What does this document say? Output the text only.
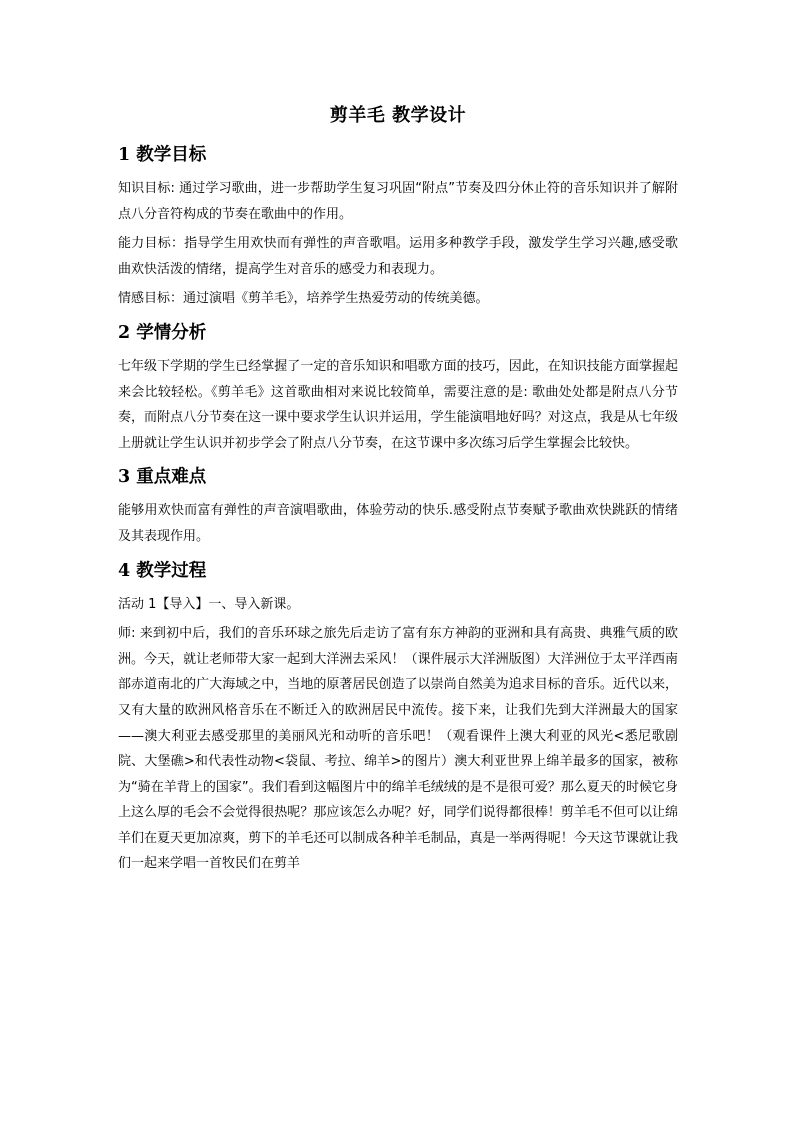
剪羊毛 教学设计
1 教学目标

知识目标: 通过学习歌曲，进一步帮助学生复习巩固“附点”节奏及四分休止符的音乐知识并了解附点八分音符构成的节奏在歌曲中的作用。

能力目标：指导学生用欢快而有弹性的声音歌唱。运用多种教学手段，激发学生学习兴趣,感受歌曲欢快活泼的情绪，提高学生对音乐的感受力和表现力。

情感目标：通过演唱《剪羊毛》，培养学生热爱劳动的传统美德。

2 学情分析

七年级下学期的学生已经掌握了一定的音乐知识和唱歌方面的技巧，因此，在知识技能方面掌握起来会比较轻松。《剪羊毛》这首歌曲相对来说比较简单，需要注意的是: 歌曲处处都是附点八分节奏，而附点八分节奏在这一课中要求学生认识并运用，学生能演唱地好吗？对这点，我是从七年级上册就让学生认识并初步学会了附点八分节奏，在这节课中多次练习后学生掌握会比较快。

3 重点难点

能够用欢快而富有弹性的声音演唱歌曲，体验劳动的快乐.感受附点节奏赋予歌曲欢快跳跃的情绪及其表现作用。

4 教学过程

活动 1【导入】一、导入新课。

师: 来到初中后，我们的音乐环球之旅先后走访了富有东方神韵的亚洲和具有高贵、典雅气质的欧洲。今天，就让老师带大家一起到大洋洲去采风！（课件展示大洋洲版图）大洋洲位于太平洋西南部赤道南北的广大海域之中，当地的原著居民创造了以崇尚自然美为追求目标的音乐。近代以来，又有大量的欧洲风格音乐在不断迁入的欧洲居民中流传。接下来，让我们先到大洋洲最大的国家——澳大利亚去感受那里的美丽风光和动听的音乐吧！（观看课件上澳大利亚的风光<悉尼歌剧院、大堡礁>和代表性动物<袋鼠、考拉、绵羊>的图片）澳大利亚世界上绵羊最多的国家，被称为“骑在羊背上的国家”。我们看到这幅图片中的绵羊毛绒绒的是不是很可爱？那么夏天的时候它身上这么厚的毛会不会觉得很热呢？那应该怎么办呢？好，同学们说得都很棒！剪羊毛不但可以让绵羊们在夏天更加凉爽，剪下的羊毛还可以制成各种羊毛制品，真是一举两得呢！今天这节课就让我们一起来学唱一首牧民们在剪羊
